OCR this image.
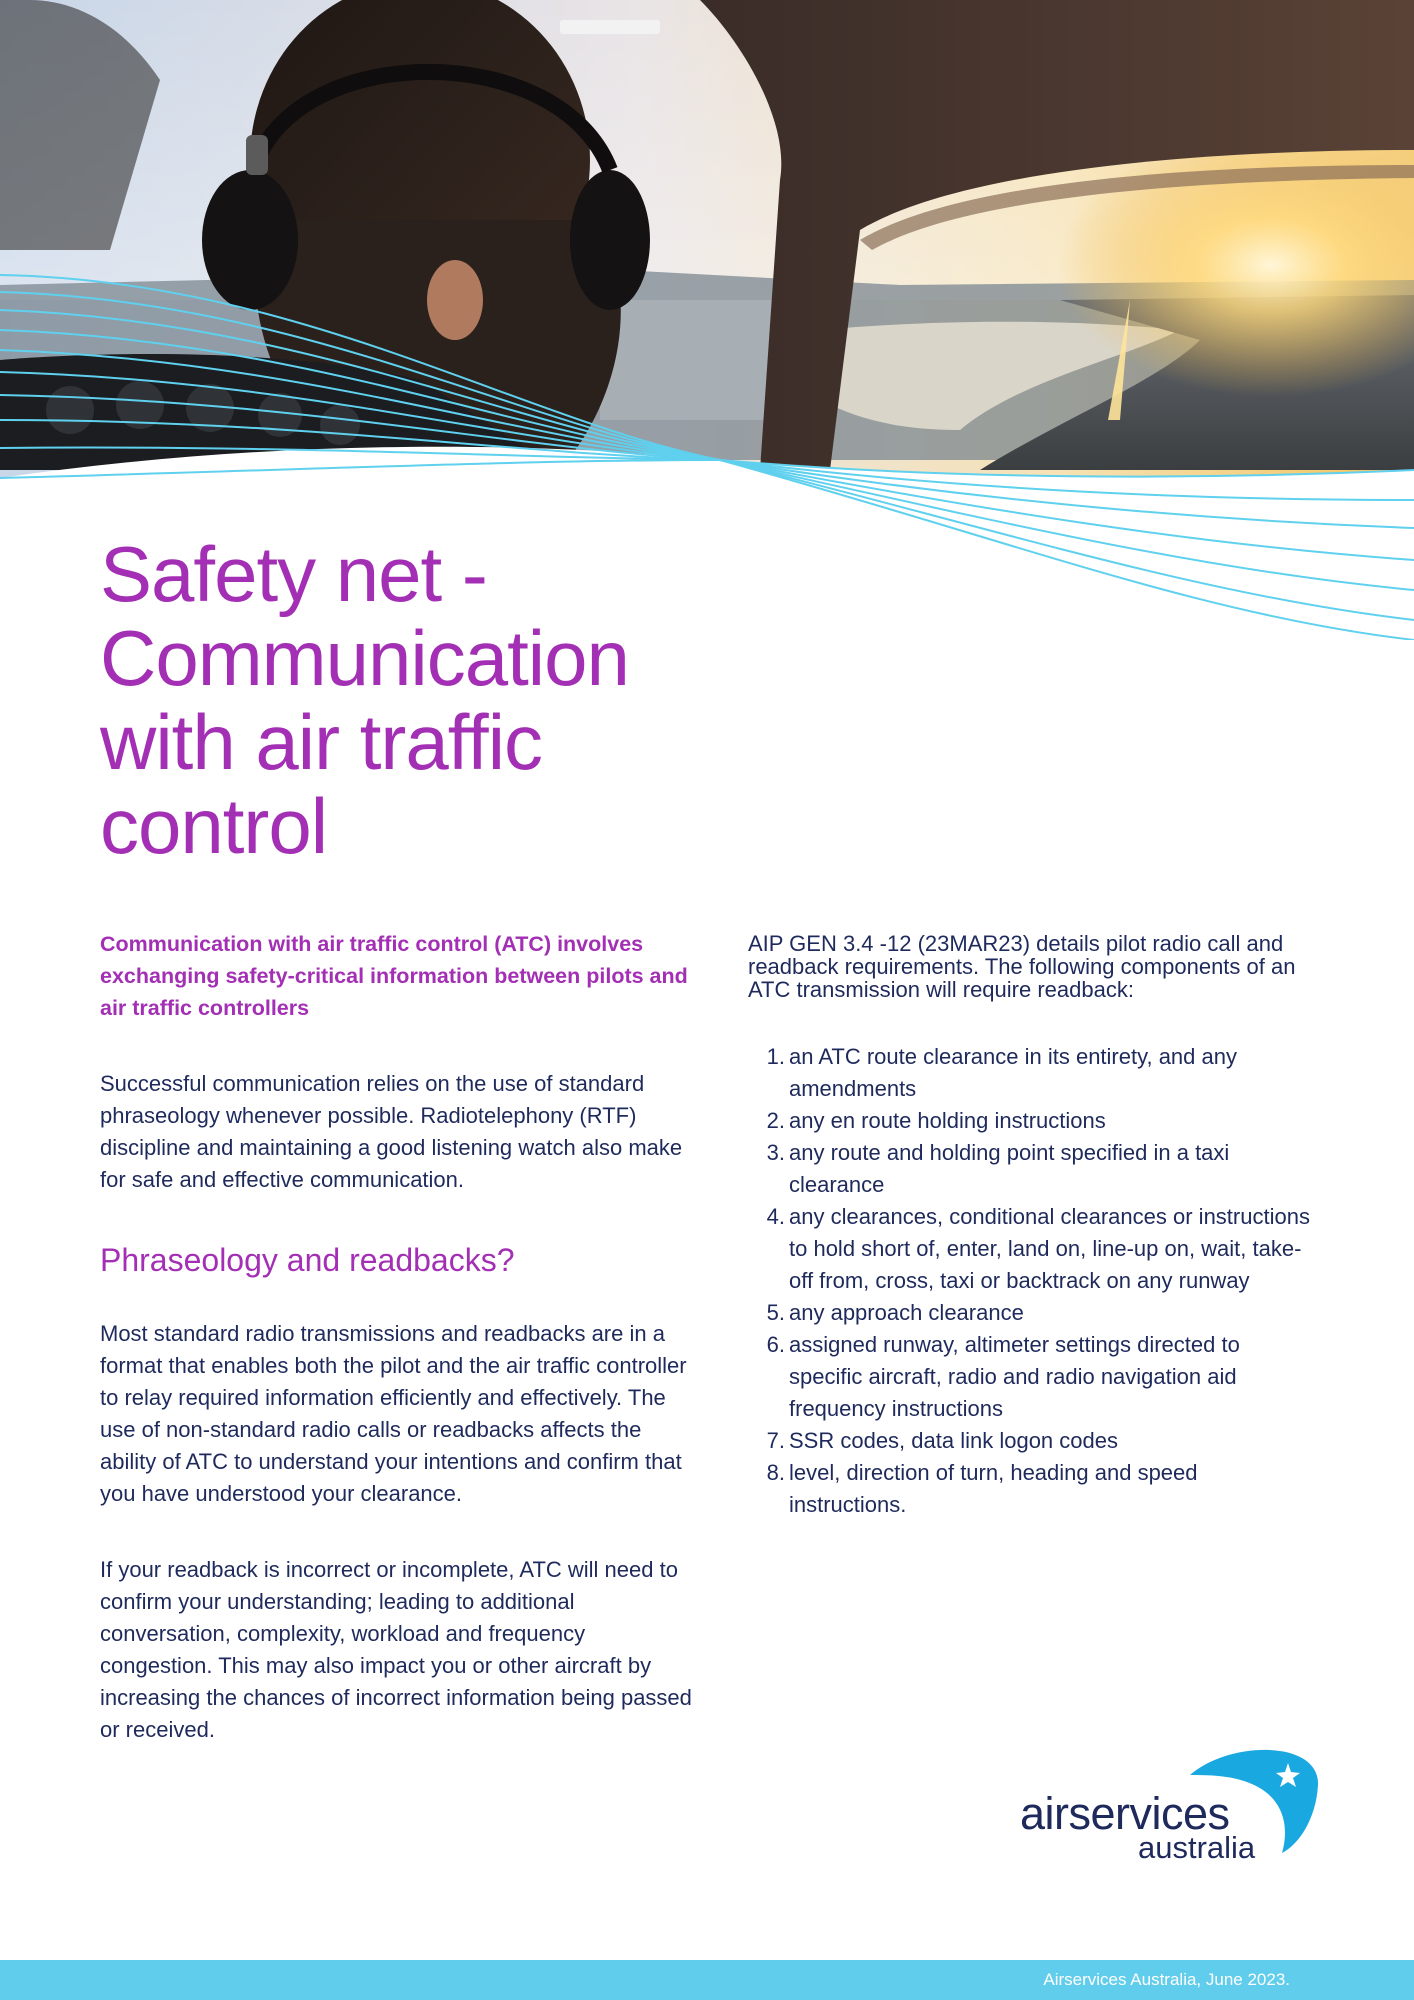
Safety net - Communication with air traffic control

Communication with air traffic control (ATC) involves exchanging safety-critical information between pilots and air traffic controllers

Successful communication relies on the use of standard phraseology whenever possible. Radiotelephony (RTF) discipline and maintaining a good listening watch also make for safe and effective communication.

Phraseology and readbacks?

Most standard radio transmissions and readbacks are in a format that enables both the pilot and the air traffic controller to relay required information efficiently and effectively. The use of non-standard radio calls or readbacks affects the ability of ATC to understand your intentions and confirm that you have understood your clearance.

If your readback is incorrect or incomplete, ATC will need to confirm your understanding; leading to additional conversation, complexity, workload and frequency congestion. This may also impact you or other aircraft by increasing the chances of incorrect information being passed or received.

AIP GEN 3.4 -12 (23MAR23) details pilot radio call and readback requirements. The following components of an ATC transmission will require readback:

1. an ATC route clearance in its entirety, and any amendments
2. any en route holding instructions
3. any route and holding point specified in a taxi clearance
4. any clearances, conditional clearances or instructions to hold short of, enter, land on, line-up on, wait, take-off from, cross, taxi or backtrack on any runway
5. any approach clearance
6. assigned runway, altimeter settings directed to specific aircraft, radio and radio navigation aid frequency instructions
7. SSR codes, data link logon codes
8. level, direction of turn, heading and speed instructions.
airservices
australia
Airservices Australia, June 2023.
